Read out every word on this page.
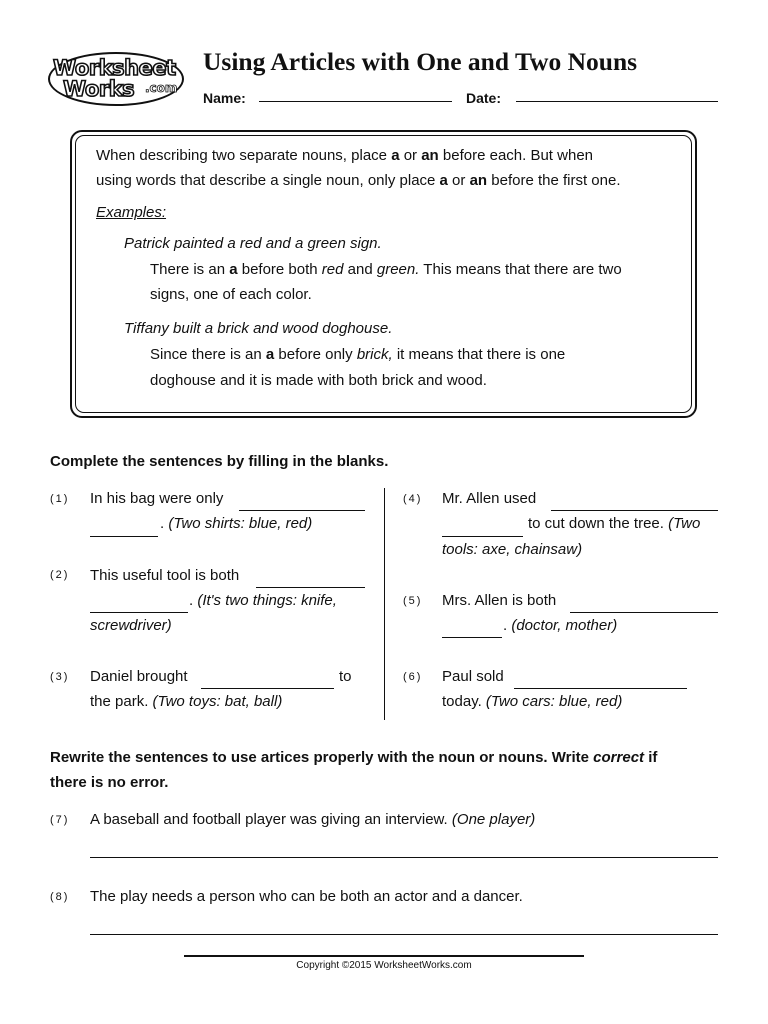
Worksheet
Works .com
Using Articles with One and Two Nouns
Name:	Date:
When describing two separate nouns, place a or an before each. But when
using words that describe a single noun, only place a or an before the first one.
Examples:
Patrick painted a red and a green sign.
There is an a before both red and green. This means that there are two
signs, one of each color.
Tiffany built a brick and wood doghouse.
Since there is an a before only brick, it means that there is one
doghouse and it is made with both brick and wood.
Complete the sentences by filling in the blanks.
(1) In his bag were only
. (Two shirts: blue, red)
(2) This useful tool is both
. (It's two things: knife,
screwdriver)
(3) Daniel brought	to
the park. (Two toys: bat, ball)
(4) Mr. Allen used
to cut down the tree. (Two
tools: axe, chainsaw)
(5) Mrs. Allen is both
. (doctor, mother)
(6) Paul sold
today. (Two cars: blue, red)
Rewrite the sentences to use artices properly with the noun or nouns. Write correct if
there is no error.
(7) A baseball and football player was giving an interview. (One player)
(8) The play needs a person who can be both an actor and a dancer.
Copyright ©2015 WorksheetWorks.com
